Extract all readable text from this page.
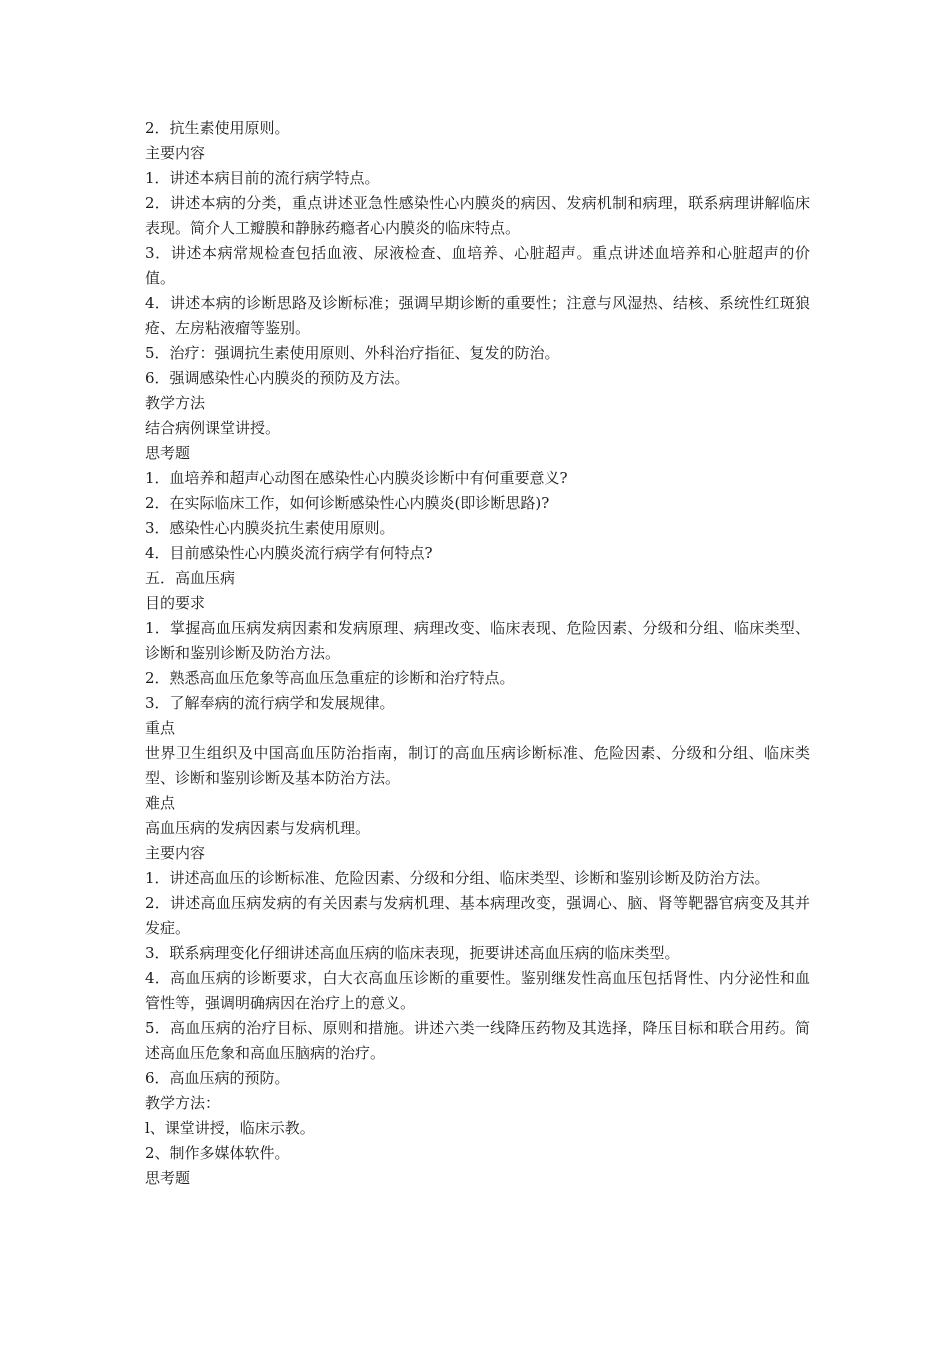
2．抗生素使用原则。

主要内容

1．讲述本病目前的流行病学特点。

2．讲述本病的分类，重点讲述亚急性感染性心内膜炎的病因、发病机制和病理，联系病理讲解临床表现。简介人工瓣膜和静脉药瘾者心内膜炎的临床特点。

3．讲述本病常规检查包括血液、尿液检查、血培养、心脏超声。重点讲述血培养和心脏超声的价值。

4．讲述本病的诊断思路及诊断标准；强调早期诊断的重要性；注意与风湿热、结核、系统性红斑狼疮、左房粘液瘤等鉴别。

5．治疗：强调抗生素使用原则、外科治疗指征、复发的防治。

6．强调感染性心内膜炎的预防及方法。

教学方法

结合病例课堂讲授。

思考题

1．血培养和超声心动图在感染性心内膜炎诊断中有何重要意义?

2．在实际临床工作，如何诊断感染性心内膜炎(即诊断思路)?

3．感染性心内膜炎抗生素使用原则。

4．目前感染性心内膜炎流行病学有何特点?

五．高血压病

目的要求

1．掌握高血压病发病因素和发病原理、病理改变、临床表现、危险因素、分级和分组、临床类型、诊断和鉴别诊断及防治方法。

2．熟悉高血压危象等高血压急重症的诊断和治疗特点。

3．了解奉病的流行病学和发展规律。

重点

世界卫生组织及中国高血压防治指南，制订的高血压病诊断标准、危险因素、分级和分组、临床类型、诊断和鉴别诊断及基本防治方法。

难点

高血压病的发病因素与发病机理。

主要内容

1．讲述高血压的诊断标准、危险因素、分级和分组、临床类型、诊断和鉴别诊断及防治方法。

2．讲述高血压病发病的有关因素与发病机理、基本病理改变，强调心、脑、肾等靶器官病变及其并发症。

3．联系病理变化仔细讲述高血压病的临床表现，扼要讲述高血压病的临床类型。

4．高血压病的诊断要求，白大衣高血压诊断的重要性。鉴别继发性高血压包括肾性、内分泌性和血管性等，强调明确病因在治疗上的意义。

5．高血压病的治疗目标、原则和措施。讲述六类一线降压药物及其选择，降压目标和联合用药。简述高血压危象和高血压脑病的治疗。

6．高血压病的预防。

教学方法：

l、课堂讲授，临床示教。

2、制作多媒体软件。

思考题
